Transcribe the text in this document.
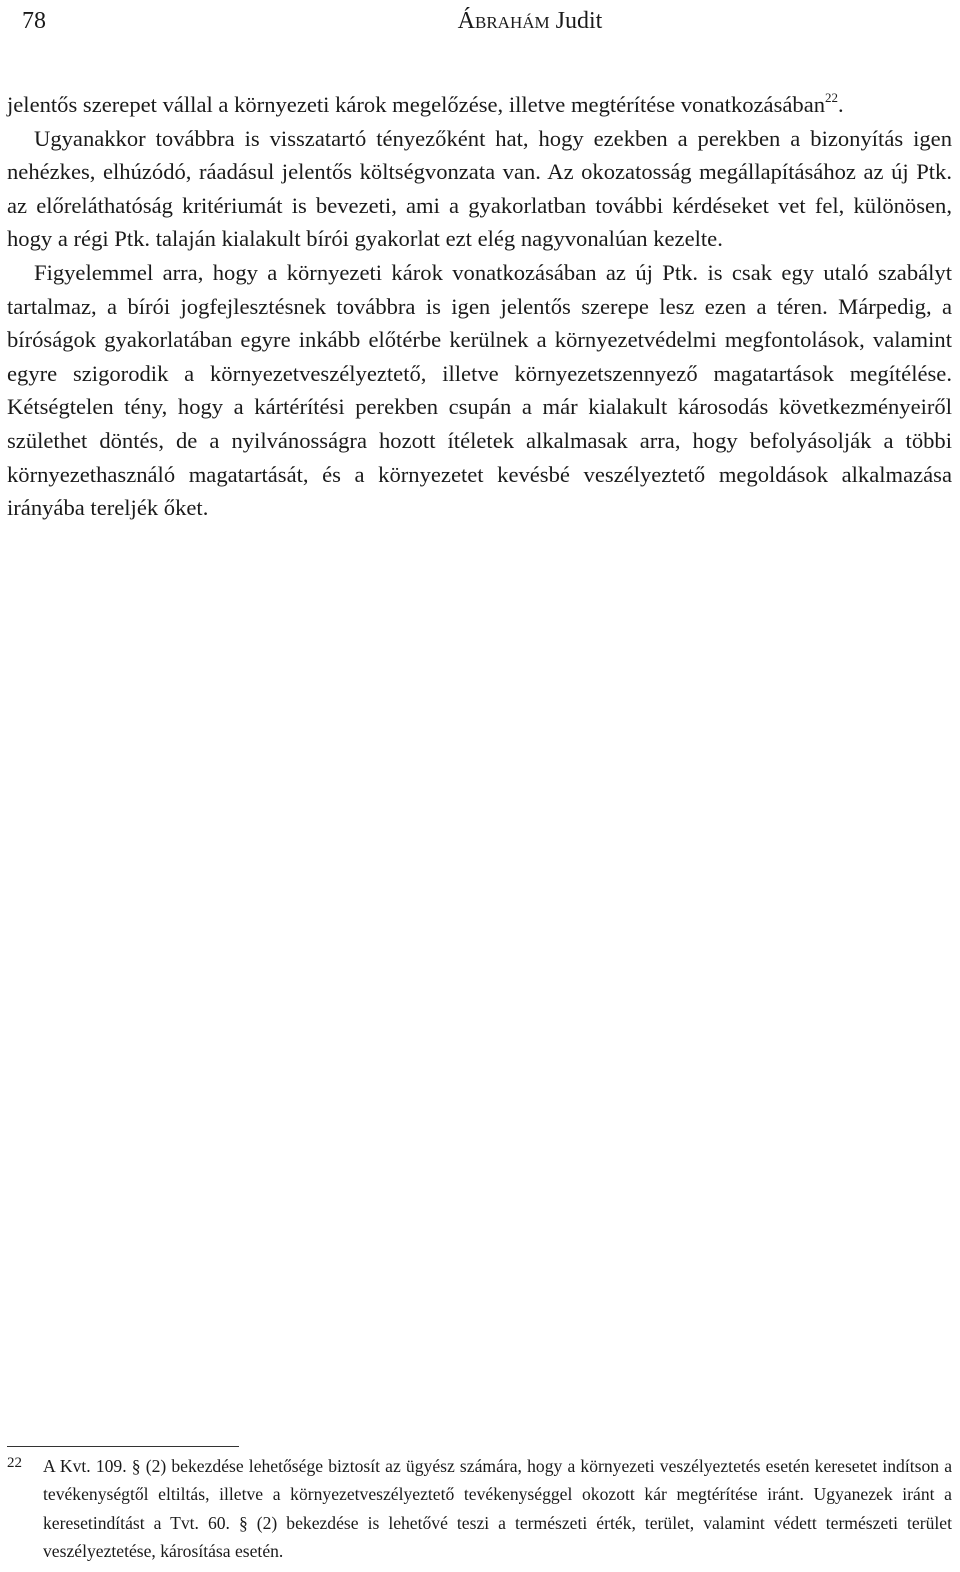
78	Ábrahám Judit

jelentős szerepet vállal a környezeti károk megelőzése, illetve megtérítése vonatkozásában$^{22}$.

Ugyanakkor továbbra is visszatartó tényezőként hat, hogy ezekben a perekben a bizonyítás igen nehézkes, elhúzódó, ráadásul jelentős költségvonzata van. Az okozatosság megállapításához az új Ptk. az előreláthatóság kritériumát is bevezeti, ami a gyakorlatban további kérdéseket vet fel, különösen, hogy a régi Ptk. talaján kialakult bírói gyakorlat ezt elég nagyvonalúan kezelte.

Figyelemmel arra, hogy a környezeti károk vonatkozásában az új Ptk. is csak egy utaló szabályt tartalmaz, a bírói jogfejlesztésnek továbbra is igen jelentős szerepe lesz ezen a téren. Márpedig, a bíróságok gyakorlatában egyre inkább előtérbe kerülnek a környezetvédelmi megfontolások, valamint egyre szigorodik a környezetveszélyeztető, illetve környezetszennyező magatartások megítélése. Kétségtelen tény, hogy a kártérítési perekben csupán a már kialakult károsodás következményeiről születhet döntés, de a nyilvánosságra hozott ítéletek alkalmasak arra, hogy befolyásolják a többi környezethasználó magatartását, és a környezetet kevésbé veszélyeztető megoldások alkalmazása irányába tereljék őket.

22 A Kvt. 109. § (2) bekezdése lehetősége biztosít az ügyész számára, hogy a környezeti veszélyeztetés esetén keresetet indítson a tevékenységtől eltiltás, illetve a környezetveszélyeztető tevékenységgel okozott kár megtérítése iránt. Ugyanezek iránt a keresetindítást a Tvt. 60. § (2) bekezdése is lehetővé teszi a természeti érték, terület, valamint védett természeti terület veszélyeztetése, károsítása esetén.
